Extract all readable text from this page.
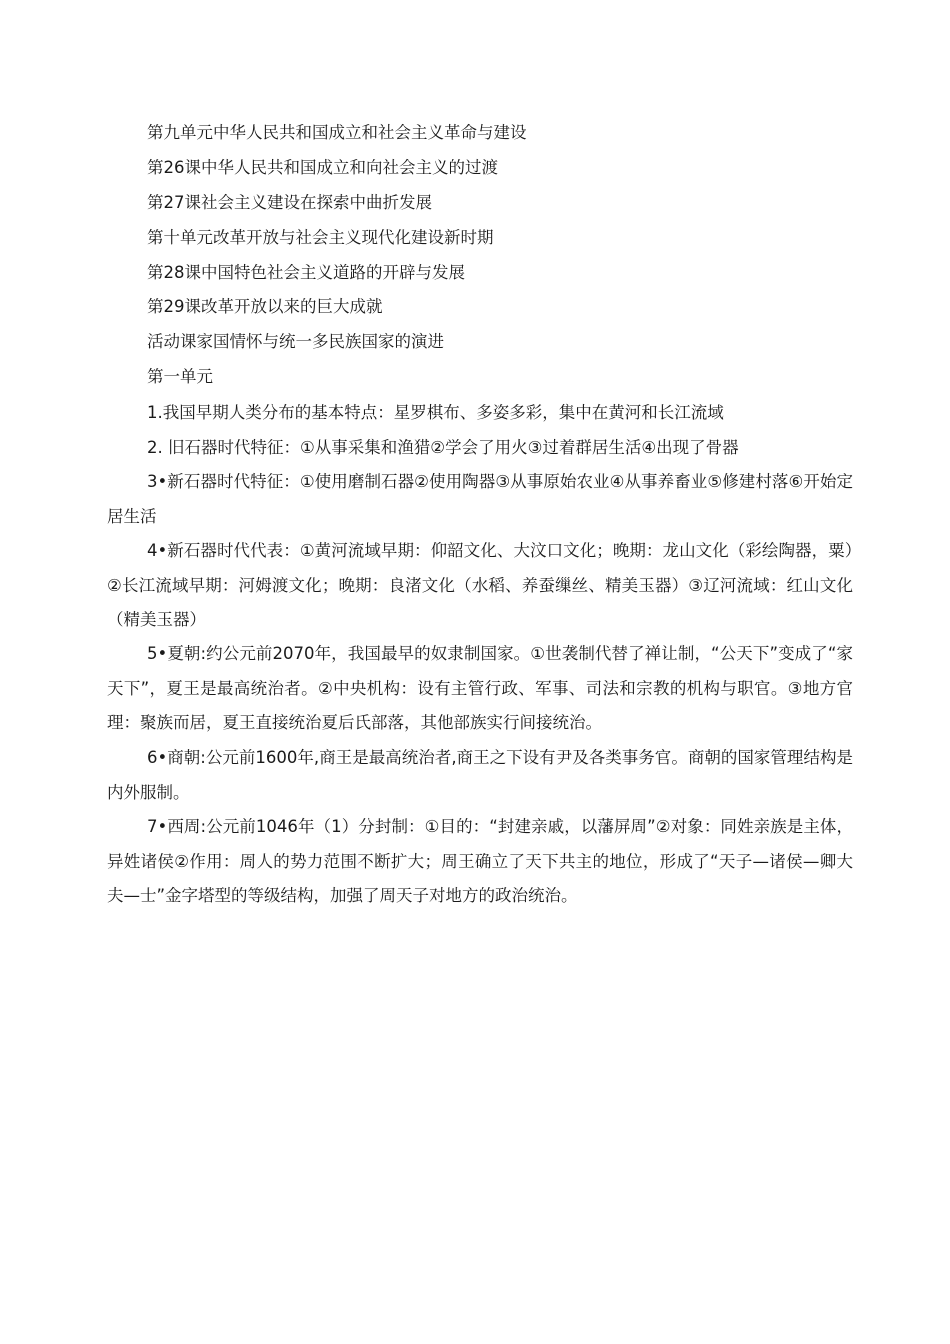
第九单元中华人民共和国成立和社会主义革命与建设
第26课中华人民共和国成立和向社会主义的过渡
第27课社会主义建设在探索中曲折发展
第十单元改革开放与社会主义现代化建设新时期
第28课中国特色社会主义道路的开辟与发展
第29课改革开放以来的巨大成就
活动课家国情怀与统一多民族国家的演进
第一单元
1.我国早期人类分布的基本特点：星罗棋布、多姿多彩，集中在黄河和长江流域
2. 旧石器时代特征：①从事采集和渔猎②学会了用火③过着群居生活④出现了骨器
3•新石器时代特征：①使用磨制石器②使用陶器③从事原始农业④从事养畜业⑤修建村落⑥开始定居生活
4•新石器时代代表：①黄河流域早期：仰韶文化、大汶口文化；晚期：龙山文化（彩绘陶器，粟）②长江流域早期：河姆渡文化；晚期：良渚文化（水稻、养蚕缫丝、精美玉器）③辽河流域：红山文化（精美玉器）
5•夏朝:约公元前2070年，我国最早的奴隶制国家。①世袭制代替了禅让制，“公天下”变成了“家天下”，夏王是最高统治者。②中央机构：设有主管行政、军事、司法和宗教的机构与职官。③地方官理：聚族而居，夏王直接统治夏后氏部落，其他部族实行间接统治。
6•商朝:公元前1600年,商王是最高统治者,商王之下设有尹及各类事务官。商朝的国家管理结构是内外服制。
7•西周:公元前1046年（1）分封制：①目的：“封建亲戚，以藩屏周”②对象：同姓亲族是主体，异姓诸侯②作用：周人的势力范围不断扩大；周王确立了天下共主的地位，形成了“天子—诸侯—卿大夫—士”金字塔型的等级结构，加强了周天子对地方的政治统治。
